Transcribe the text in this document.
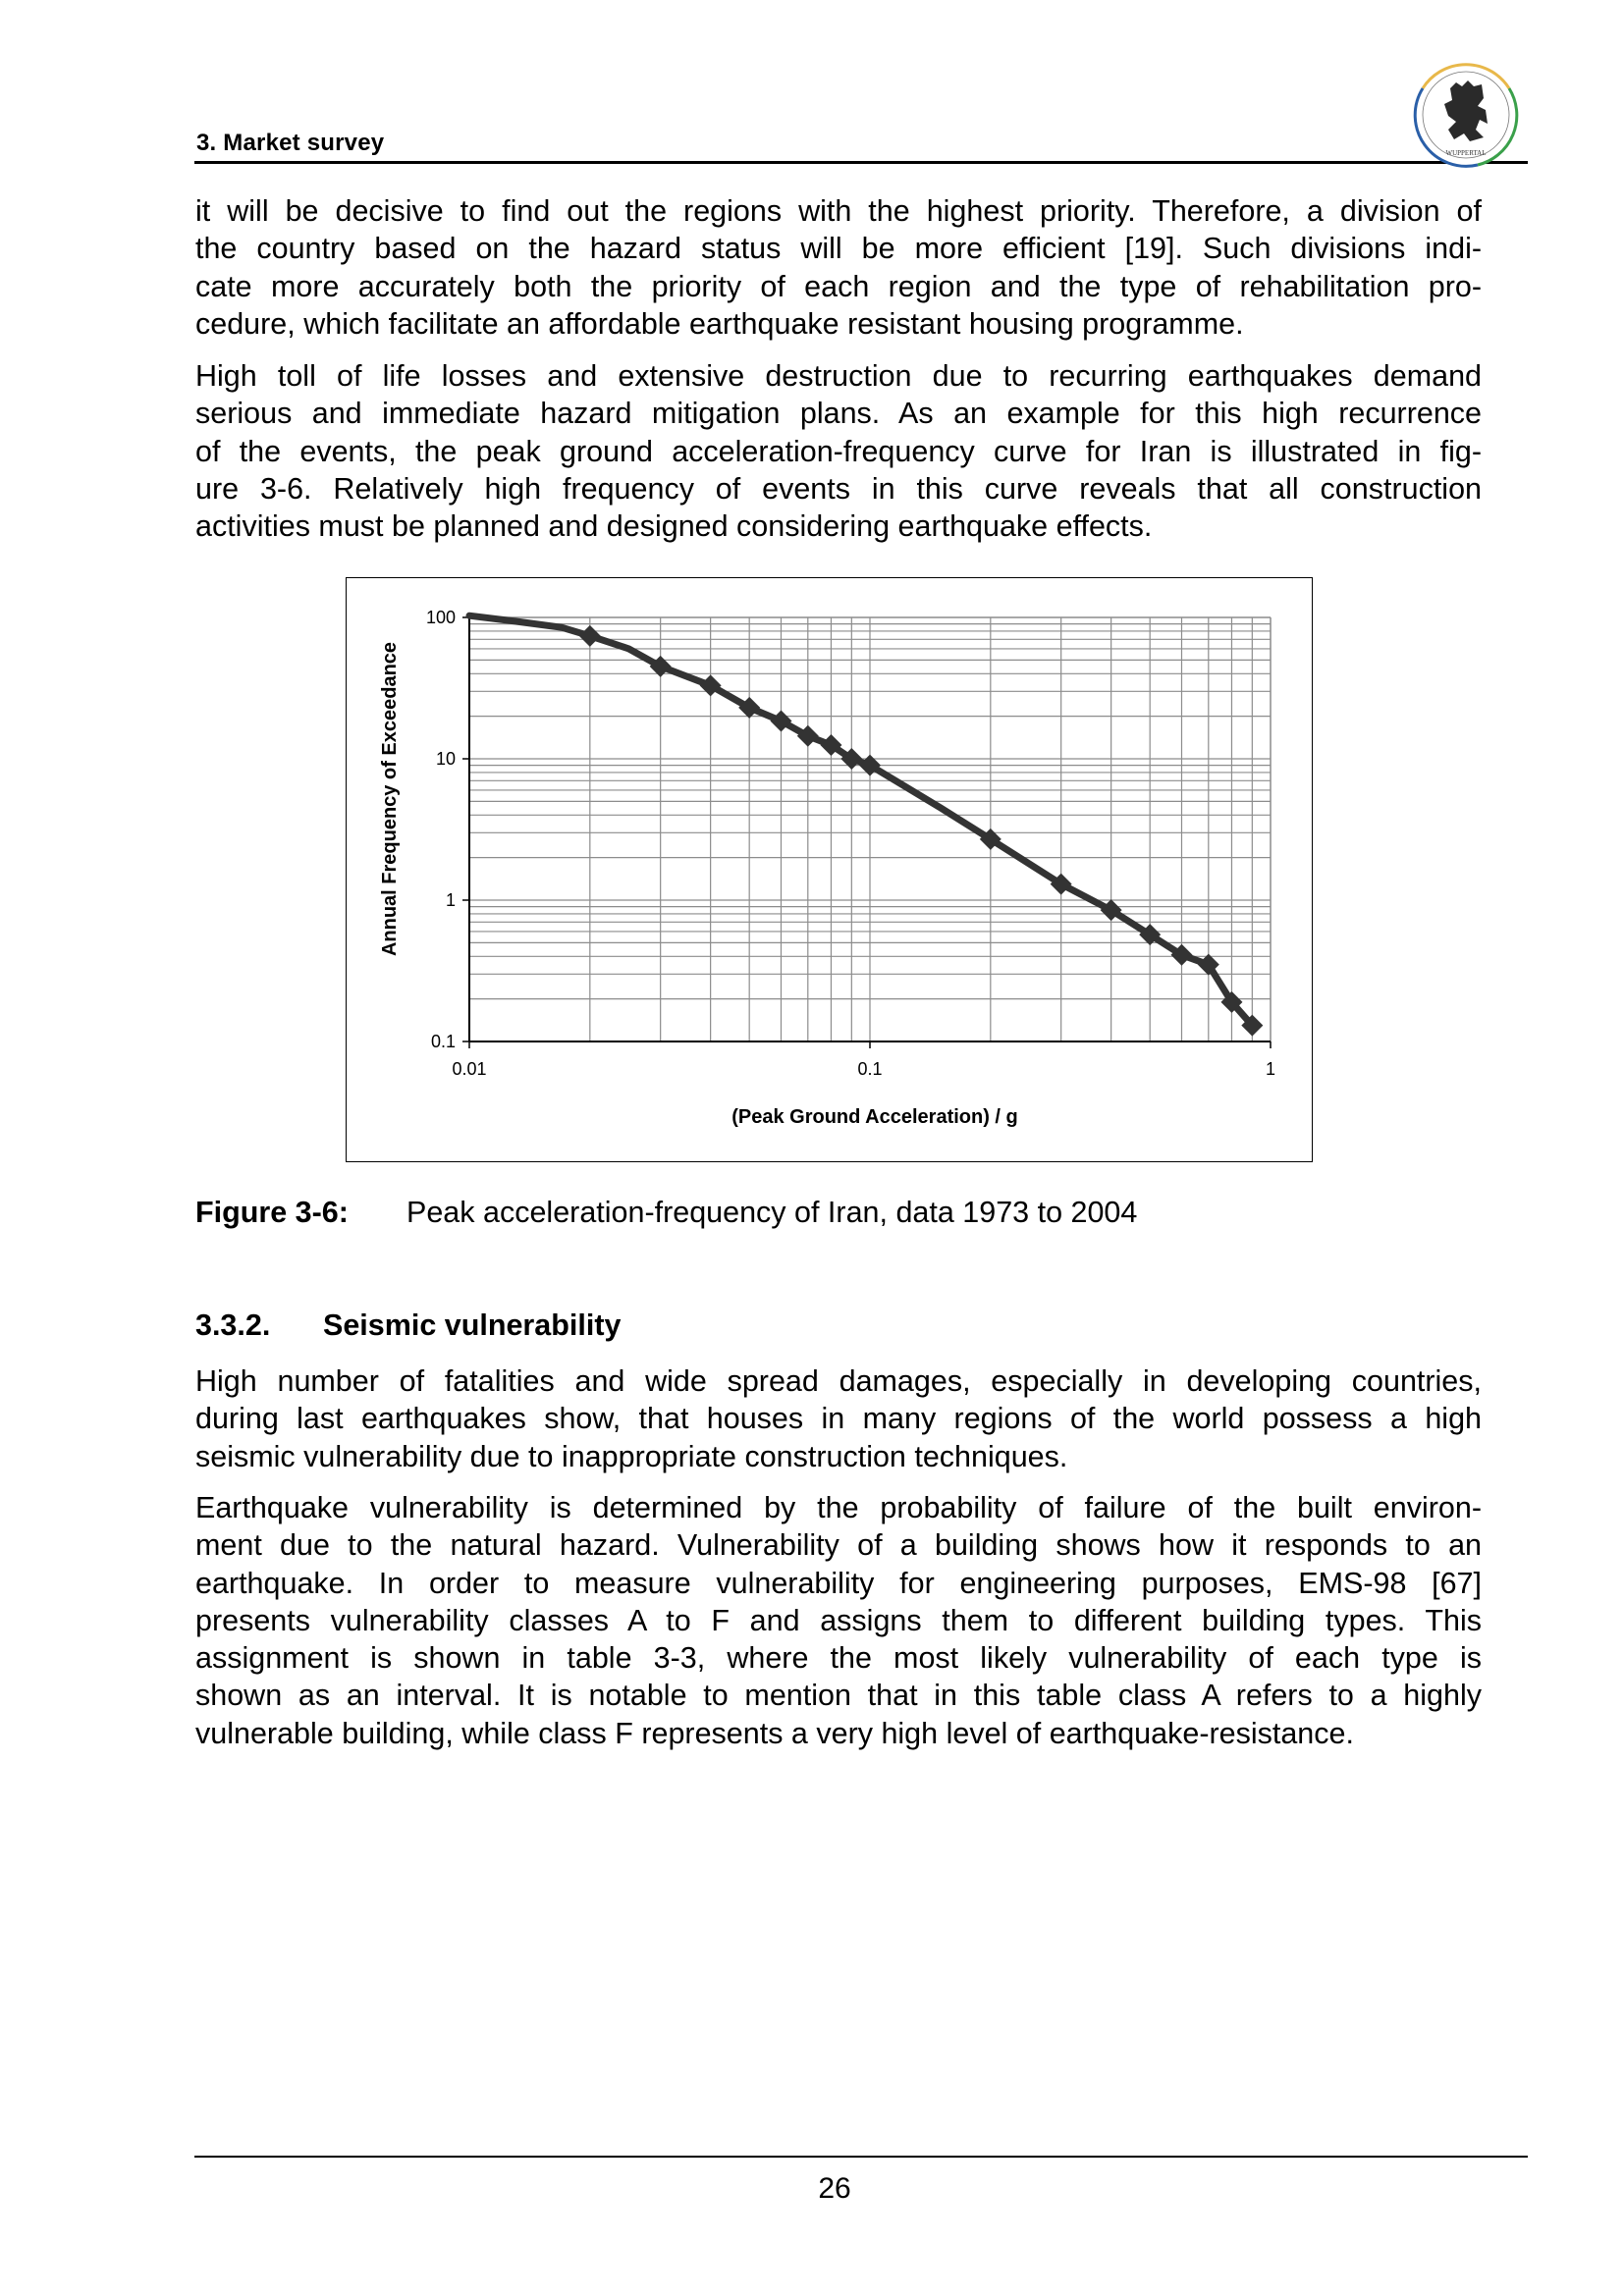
3. Market survey	WUPPERTAL
it will be decisive to find out the regions with the highest priority. Therefore, a division of
the country based on the hazard status will be more efficient [19]. Such divisions indi-
cate more accurately both the priority of each region and the type of rehabilitation pro-
cedure, which facilitate an affordable earthquake resistant housing programme.
High toll of life losses and extensive destruction due to recurring earthquakes demand
serious and immediate hazard mitigation plans. As an example for this high recurrence
of the events, the peak ground acceleration-frequency curve for Iran is illustrated in fig-
ure 3-6. Relatively high frequency of events in this curve reveals that all construction
activities must be planned and designed considering earthquake effects.
0.1
1
10
100
0.01	0.1	1
Annual Frequency of Exceedance
(Peak Ground Acceleration) / g
Figure 3-6: Peak acceleration-frequency of Iran, data 1973 to 2004
3.3.2. Seismic vulnerability
High number of fatalities and wide spread damages, especially in developing countries,
during last earthquakes show, that houses in many regions of the world possess a high
seismic vulnerability due to inappropriate construction techniques.
Earthquake vulnerability is determined by the probability of failure of the built environ-
ment due to the natural hazard. Vulnerability of a building shows how it responds to an
earthquake. In order to measure vulnerability for engineering purposes, EMS-98 [67]
presents vulnerability classes A to F and assigns them to different building types. This
assignment is shown in table 3-3, where the most likely vulnerability of each type is
shown as an interval. It is notable to mention that in this table class A refers to a highly
vulnerable building, while class F represents a very high level of earthquake-resistance.
26
